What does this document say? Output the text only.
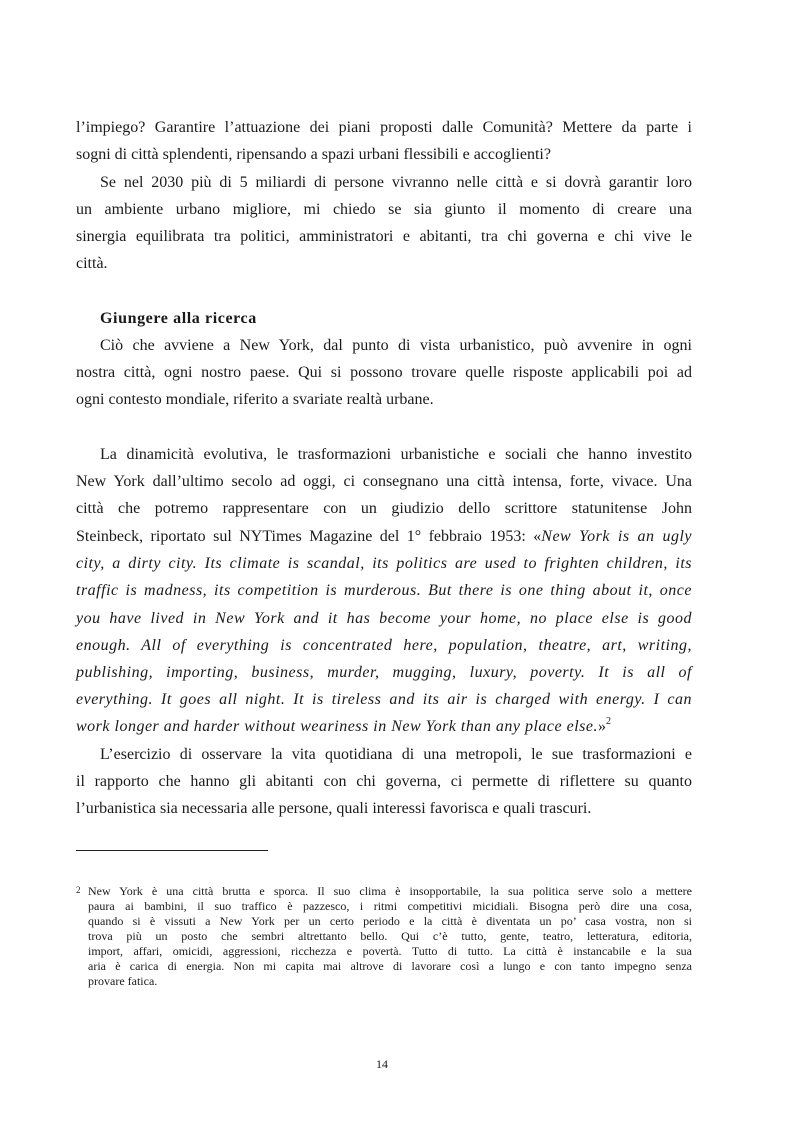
l’impiego? Garantire l’attuazione dei piani proposti dalle Comunità? Mettere da parte i
sogni di città splendenti, ripensando a spazi urbani flessibili e accoglienti?
Se nel 2030 più di 5 miliardi di persone vivranno nelle città e si dovrà garantir loro
un ambiente urbano migliore, mi chiedo se sia giunto il momento di creare una
sinergia equilibrata tra politici, amministratori e abitanti, tra chi governa e chi vive le
città.
Giungere alla ricerca
Ciò che avviene a New York, dal punto di vista urbanistico, può avvenire in ogni
nostra città, ogni nostro paese. Qui si possono trovare quelle risposte applicabili poi ad
ogni contesto mondiale, riferito a svariate realtà urbane.
La dinamicità evolutiva, le trasformazioni urbanistiche e sociali che hanno investito
New York dall’ultimo secolo ad oggi, ci consegnano una città intensa, forte, vivace. Una
città che potremo rappresentare con un giudizio dello scrittore statunitense John
Steinbeck, riportato sul NYTimes Magazine del 1° febbraio 1953: «New York is an ugly
city, a dirty city. Its climate is scandal, its politics are used to frighten children, its
traffic is madness, its competition is murderous. But there is one thing about it, once
you have lived in New York and it has become your home, no place else is good
enough. All of everything is concentrated here, population, theatre, art, writing,
publishing, importing, business, murder, mugging, luxury, poverty. It is all of
everything. It goes all night. It is tireless and its air is charged with energy. I can
work longer and harder without weariness in New York than any place else.»$^2$
L’esercizio di osservare la vita quotidiana di una metropoli, le sue trasformazioni e
il rapporto che hanno gli abitanti con chi governa, ci permette di riflettere su quanto
l’urbanistica sia necessaria alle persone, quali interessi favorisca e quali trascuri.
2 New York è una città brutta e sporca. Il suo clima è insopportabile, la sua politica serve solo a mettere
paura ai bambini, il suo traffico è pazzesco, i ritmi competitivi micidiali. Bisogna però dire una cosa,
quando si è vissuti a New York per un certo periodo e la città è diventata un po’ casa vostra, non si
trova più un posto che sembri altrettanto bello. Qui c’è tutto, gente, teatro, letteratura, editoria,
import, affari, omicidi, aggressioni, ricchezza e povertà. Tutto di tutto. La città è instancabile e la sua
aria è carica di energia. Non mi capita mai altrove di lavorare così a lungo e con tanto impegno senza
provare fatica.
14
